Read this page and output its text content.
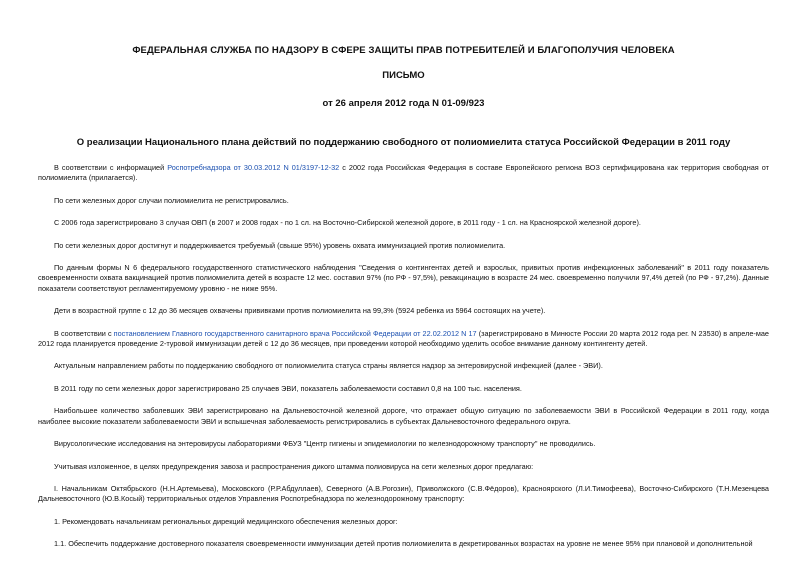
ФЕДЕРАЛЬНАЯ СЛУЖБА ПО НАДЗОРУ В СФЕРЕ ЗАЩИТЫ ПРАВ ПОТРЕБИТЕЛЕЙ И БЛАГОПОЛУЧИЯ ЧЕЛОВЕКА
ПИСЬМО
от 26 апреля 2012 года N 01-09/923
О реализации Национального плана действий по поддержанию свободного от полиомиелита статуса Российской Федерации в 2011 году

В соответствии с информацией Роспотребнадзора от 30.03.2012 N 01/3197-12-32 с 2002 года Российская Федерация в составе Европейского региона ВОЗ сертифицирована как территория свободная от полиомиелита (прилагается).

По сети железных дорог случаи полиомиелита не регистрировались.

С 2006 года зарегистрировано 3 случая ОВП (в 2007 и 2008 годах - по 1 сл. на Восточно-Сибирской железной дороге, в 2011 году - 1 сл. на Красноярской железной дороге).

По сети железных дорог достигнут и поддерживается требуемый (свыше 95%) уровень охвата иммунизацией против полиомиелита.

По данным формы N 6 федерального государственного статистического наблюдения "Сведения о контингентах детей и взрослых, привитых против инфекционных заболеваний" в 2011 году показатель своевременности охвата вакцинацией против полиомиелита детей в возрасте 12 мес. составил 97% (по РФ - 97,5%), ревакцинацию в возрасте 24 мес. своевременно получили 97,4% детей (по РФ - 97,2%). Данные показатели соответствуют регламентируемому уровню - не ниже 95%.

Дети в возрастной группе с 12 до 36 месяцев охвачены прививками против полиомиелита на 99,3% (5924 ребенка из 5964 состоящих на учете).

В соответствии с постановлением Главного государственного санитарного врача Российской Федерации от 22.02.2012 N 17 (зарегистрировано в Минюсте России 20 марта 2012 года рег. N 23530) в апреле-мае 2012 года планируется проведение 2-туровой иммунизации детей с 12 до 36 месяцев, при проведении которой необходимо уделить особое внимание данному контингенту детей.

Актуальным направлением работы по поддержанию свободного от полиомиелита статуса страны является надзор за энтеровирусной инфекцией (далее - ЭВИ).

В 2011 году по сети железных дорог зарегистрировано 25 случаев ЭВИ, показатель заболеваемости составил 0,8 на 100 тыс. населения.

Наибольшее количество заболевших ЭВИ зарегистрировано на Дальневосточной железной дороге, что отражает общую ситуацию по заболеваемости ЭВИ в Российской Федерации в 2011 году, когда наиболее высокие показатели заболеваемости ЭВИ и вспышечная заболеваемость регистрировались в субъектах Дальневосточного федерального округа.

Вирусологические исследования на энтеровирусы лабораториями ФБУЗ "Центр гигиены и эпидемиологии по железнодорожному транспорту" не проводились.

Учитывая изложенное, в целях предупреждения завоза и распространения дикого штамма полиовируса на сети железных дорог предлагаю:

I. Начальникам Октябрьского (Н.Н.Артемьева), Московского (Р.Р.Абдуллаев), Северного (А.В.Рогозин), Приволжского (С.В.Фёдоров), Красноярского (Л.И.Тимофеева), Восточно-Сибирского (Т.Н.Мезенцева Дальневосточного (Ю.В.Косый) территориальных отделов Управления Роспотребнадзора по железнодорожному транспорту:

1. Рекомендовать начальникам региональных дирекций медицинского обеспечения железных дорог:

1.1. Обеспечить поддержание достоверного показателя своевременности иммунизации детей против полиомиелита в декретированных возрастах на уровне не менее 95% при плановой и дополнительной
